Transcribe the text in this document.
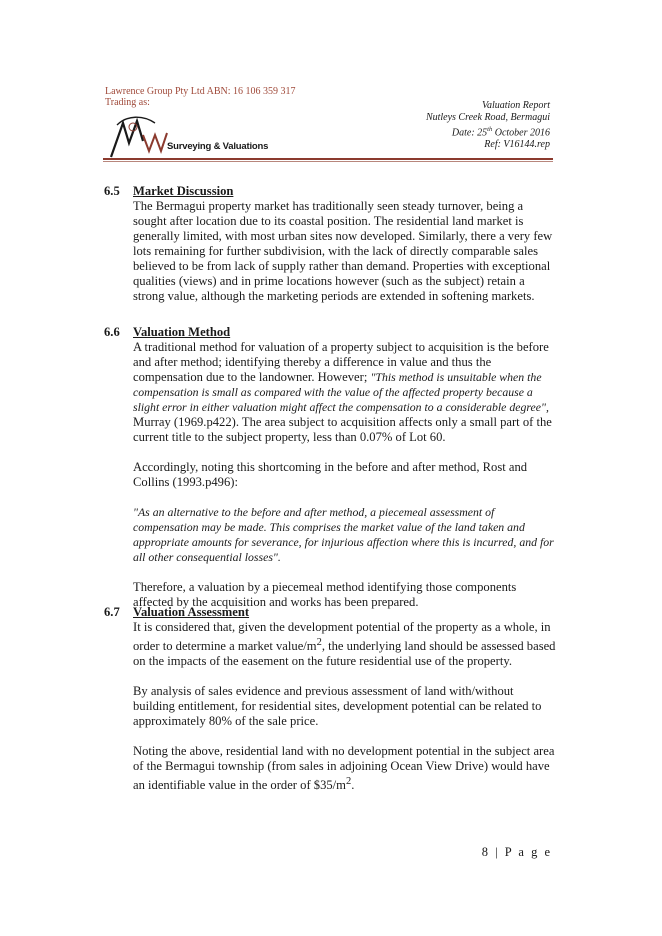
Lawrence Group Pty Ltd ABN: 16 106 359 317
Trading as:
Surveying & Valuations
Valuation Report
Nutleys Creek Road, Bermagui
Date: 25th October 2016
Ref: V16144.rep
6.5 Market Discussion

The Bermagui property market has traditionally seen steady turnover, being a sought after location due to its coastal position. The residential land market is generally limited, with most urban sites now developed. Similarly, there a very few lots remaining for further subdivision, with the lack of directly comparable sales believed to be from lack of supply rather than demand. Properties with exceptional qualities (views) and in prime locations however (such as the subject) retain a strong value, although the marketing periods are extended in softening markets.

6.6 Valuation Method

A traditional method for valuation of a property subject to acquisition is the before and after method; identifying thereby a difference in value and thus the compensation due to the landowner. However; "This method is unsuitable when the compensation is small as compared with the value of the affected property because a slight error in either valuation might affect the compensation to a considerable degree", Murray (1969.p422). The area subject to acquisition affects only a small part of the current title to the subject property, less than 0.07% of Lot 60.

Accordingly, noting this shortcoming in the before and after method, Rost and Collins (1993.p496):

"As an alternative to the before and after method, a piecemeal assessment of compensation may be made. This comprises the market value of the land taken and appropriate amounts for severance, for injurious affection where this is incurred, and for all other consequential losses".

Therefore, a valuation by a piecemeal method identifying those components affected by the acquisition and works has been prepared.

6.7 Valuation Assessment

It is considered that, given the development potential of the property as a whole, in order to determine a market value/$m^2$, the underlying land should be assessed based on the impacts of the easement on the future residential use of the property.

By analysis of sales evidence and previous assessment of land with/without building entitlement, for residential sites, development potential can be related to approximately 80% of the sale price.

Noting the above, residential land with no development potential in the subject area of the Bermagui township (from sales in adjoining Ocean View Drive) would have an identifiable value in the order of $\$35/m^2$.

8 | P a g e
